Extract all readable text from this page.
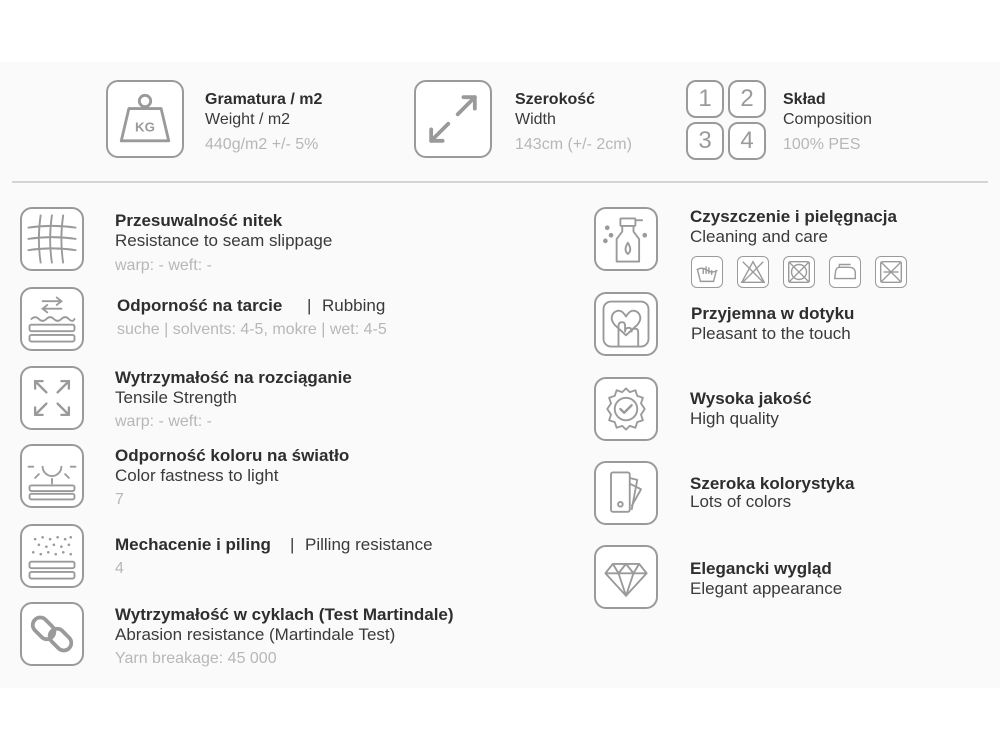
KG
Gramatura / m2
Weight / m2
440g/m2 +/- 5%
Szerokość
Width
143cm (+/- 2cm)
1	2
3	4
Skład
Composition
100% PES
Przesuwalność nitek
Resistance to seam slippage
warp: - weft: -
Odporność na tarcie | Rubbing
suche | solvents: 4-5, mokre | wet: 4-5
Wytrzymałość na rozciąganie
Tensile Strength
warp: - weft: -
Odporność koloru na światło
Color fastness to light
7
Mechacenie i piling | Pilling resistance
4
Wytrzymałość w cyklach (Test Martindale)
Abrasion resistance (Martindale Test)
Yarn breakage: 45 000
Czyszczenie i pielęgnacja
Cleaning and care
Przyjemna w dotyku
Pleasant to the touch
Wysoka jakość
High quality
Szeroka kolorystyka
Lots of colors
Elegancki wygląd
Elegant appearance
